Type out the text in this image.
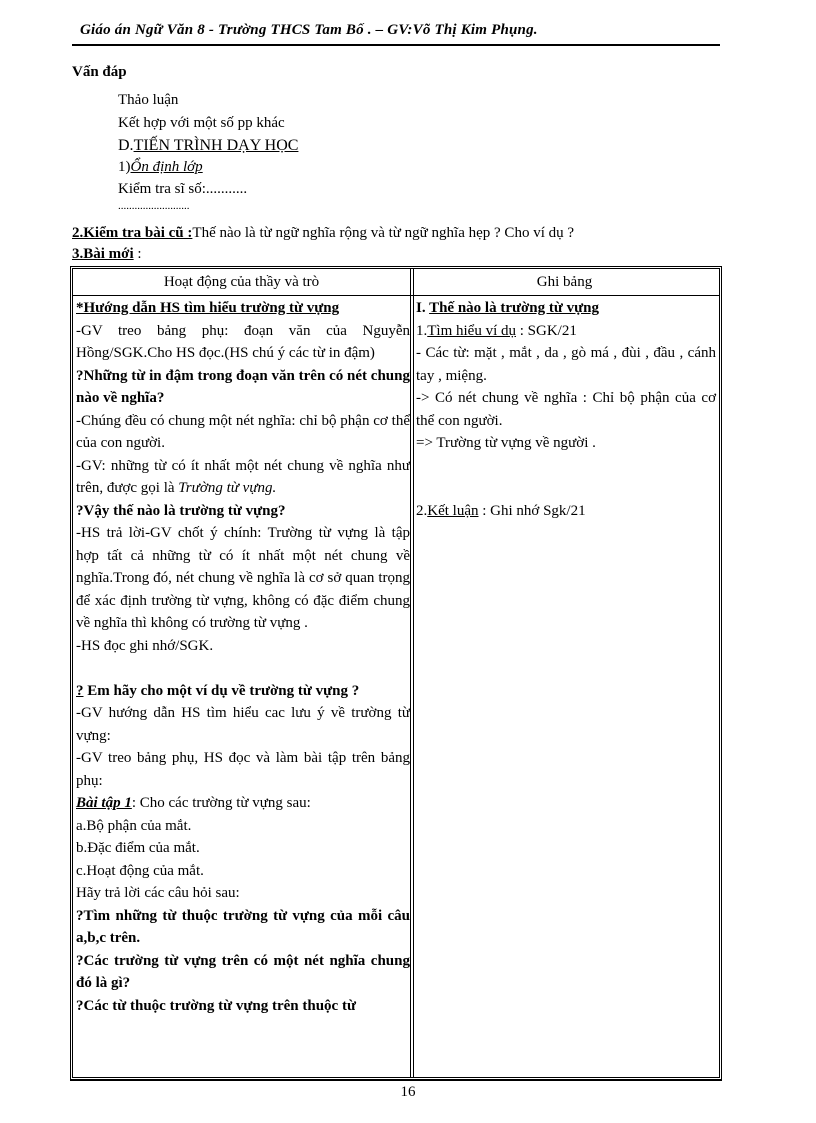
Giáo án Ngữ Văn 8 - Trường THCS Tam Bố . – GV:Võ Thị Kim Phụng.
Vấn đáp
Thảo luận
Kết hợp với một số pp khác
D.TIẾN TRÌNH DẠY HỌC
1)Ổn định lớp
Kiểm tra sĩ số:...........
..........................
2.Kiểm tra bài cũ :Thế nào là từ ngữ nghĩa rộng và từ ngữ nghĩa hẹp ? Cho ví dụ ?
3.Bài mới :
Hoạt động của thầy và trò	Ghi bảng

*Hướng dẫn HS tìm hiểu trường từ vựng

-GV treo bảng phụ: đoạn văn của Nguyễn Hồng/SGK.Cho HS đọc.(HS chú ý các từ in đậm)

?Những từ in đậm trong đoạn văn trên có nét chung nào về nghĩa?

-Chúng đều có chung một nét nghĩa: chỉ bộ phận cơ thể của con người.

-GV: những từ có ít nhất một nét chung về nghĩa như trên, được gọi là Trường từ vựng.

?Vậy thế nào là trường từ vựng?

-HS trả lời-GV chốt ý chính: Trường từ vựng là tập hợp tất cả những từ có ít nhất một nét chung về nghĩa.Trong đó, nét chung về nghĩa là cơ sở quan trọng để xác định trường từ vựng, không có đặc điểm chung về nghĩa thì không có trường từ vựng .

-HS đọc ghi nhớ/SGK.

? Em hãy cho một ví dụ về trường từ vựng ?

-GV hướng dẫn HS tìm hiểu cac lưu ý về trường từ vựng:

-GV treo bảng phụ, HS đọc và làm bài tập trên bảng phụ:

Bài tập 1: Cho các trường từ vựng sau:

a.Bộ phận của mắt.

b.Đặc điểm của mắt.

c.Hoạt động của mắt.

Hãy trả lời các câu hỏi sau:

?Tìm những từ thuộc trường từ vựng của mỗi câu a,b,c trên.

?Các trường từ vựng trên có một nét nghĩa chung đó là gì?

?Các từ thuộc trường từ vựng trên thuộc từ

I. Thế nào là trường từ vựng

1.Tìm hiểu ví dụ : SGK/21

- Các từ: mặt , mắt , da , gò má , đùi , đầu , cánh tay , miệng.

-> Có nét chung về nghĩa : Chỉ bộ phận của cơ thể con người.

=> Trường từ vựng về người .

2.Kết luận : Ghi nhớ Sgk/21

16
